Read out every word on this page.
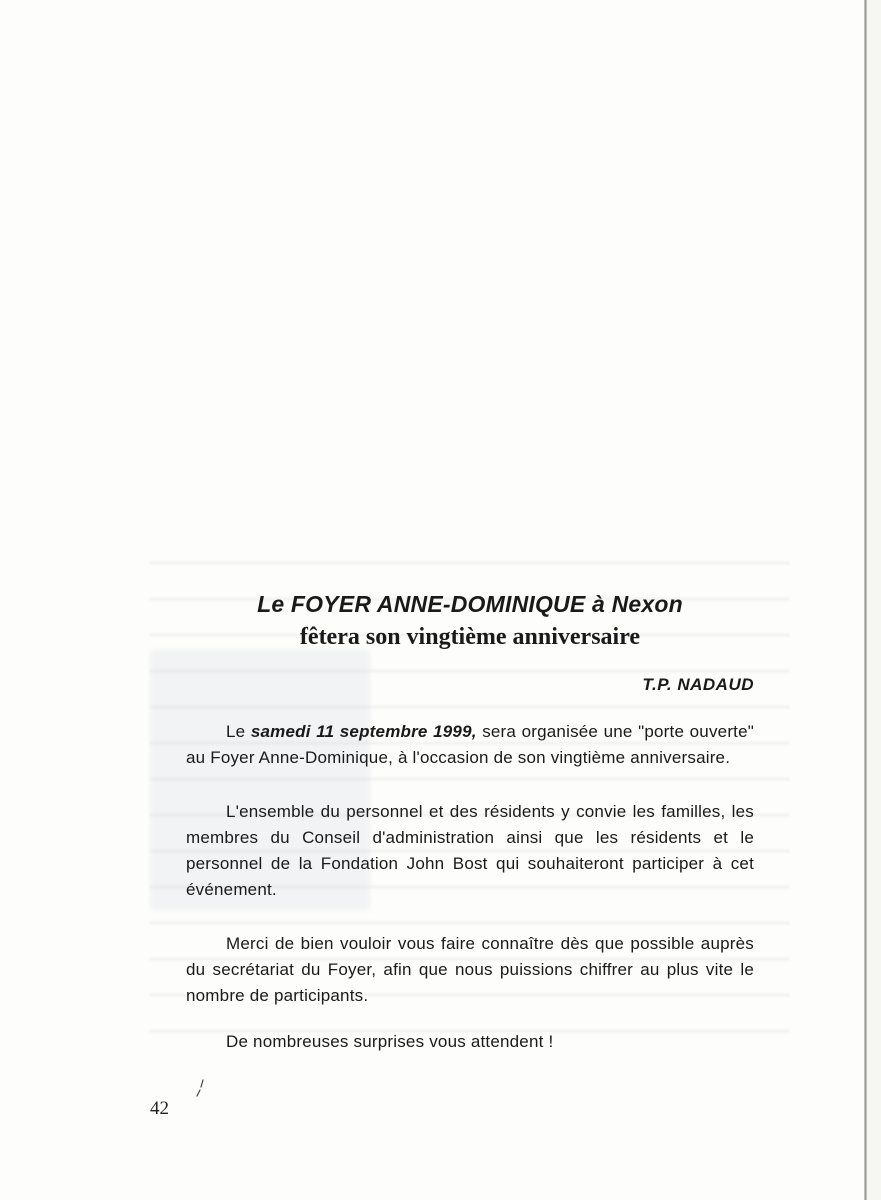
Le FOYER ANNE-DOMINIQUE à Nexon
fêtera son vingtième anniversaire

T.P. NADAUD

Le samedi 11 septembre 1999, sera organisée une "porte ouverte" au Foyer Anne-Dominique, à l'occasion de son vingtième anniversaire.

L'ensemble du personnel et des résidents y convie les familles, les membres du Conseil d'administration ainsi que les résidents et le personnel de la Fondation John Bost qui souhaiteront participer à cet événement.

Merci de bien vouloir vous faire connaître dès que possible auprès du secrétariat du Foyer, afin que nous puissions chiffrer au plus vite le nombre de participants.

De nombreuses surprises vous attendent !

42
